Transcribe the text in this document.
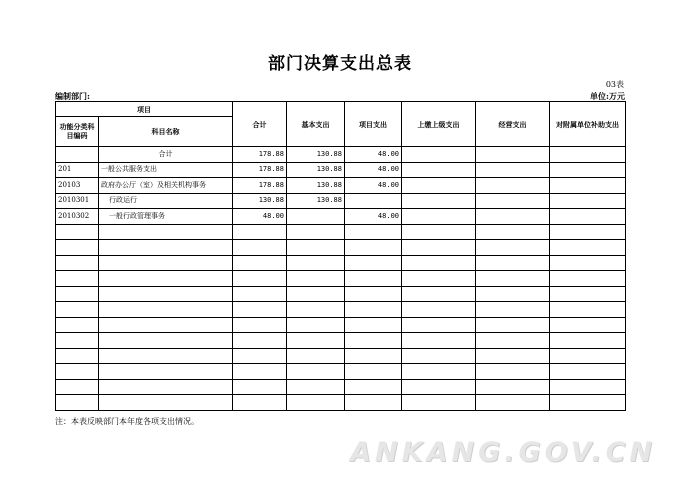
部门决算支出总表
03表
编制部门:	单位:万元
项目		合计	基本支出	项目支出	上缴上级支出	经营支出	对附属单位补助支出
功能分类科目编码	科目名称						
	合计	178.88	130.88	48.00			
201	一般公共服务支出	178.88	130.88	48.00			
20103	政府办公厅（室）及相关机构事务	178.88	130.88	48.00			
2010301	行政运行	130.88	130.88				
2010302	一般行政管理事务	48.00		48.00			

注：本表反映部门本年度各项支出情况。
ANKANG.GOV.CN
